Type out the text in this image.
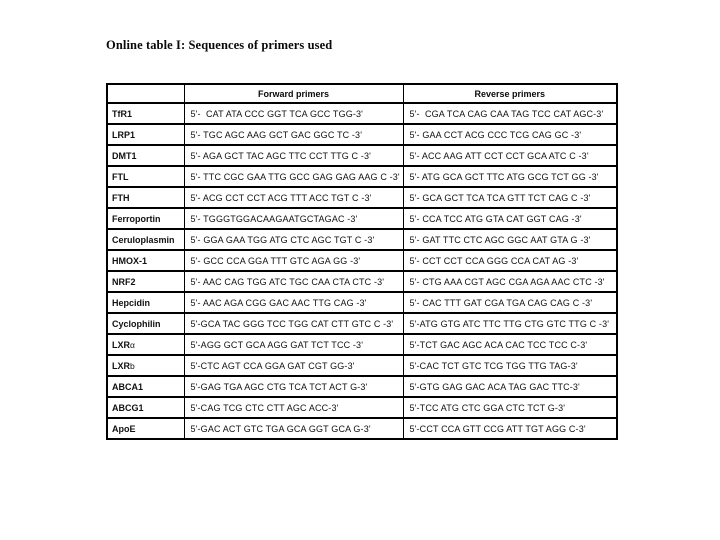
Online table I: Sequences of primers used
	Forward primers	Reverse primers
TfR1	5'-  CAT ATA CCC GGT TCA GCC TGG-3'	5'-  CGA TCA CAG CAA TAG TCC CAT AGC-3'
LRP1	5'- TGC AGC AAG GCT GAC GGC TC -3'	5'- GAA CCT ACG CCC TCG CAG GC -3'
DMT1	5'- AGA GCT TAC AGC TTC CCT TTG C -3'	5'- ACC AAG ATT CCT CCT GCA ATC C -3'
FTL	5'- TTC CGC GAA TTG GCC GAG GAG AAG C -3'	5'- ATG GCA GCT TTC ATG GCG TCT GG -3'
FTH	5'- ACG CCT CCT ACG TTT ACC TGT C -3'	5'- GCA GCT TCA TCA GTT TCT CAG C -3'
Ferroportin	5'- TGGGTGGACAAGAATGCTAGAC -3'	5'- CCA TCC ATG GTA CAT GGT CAG -3'
Ceruloplasmin	5'- GGA GAA TGG ATG CTC AGC TGT C -3'	5'- GAT TTC CTC AGC GGC AAT GTA G -3'
HMOX-1	5'- GCC CCA GGA TTT GTC AGA GG -3'	5'- CCT CCT CCA GGG CCA CAT AG -3'
NRF2	5'- AAC CAG TGG ATC TGC CAA CTA CTC -3'	5'- CTG AAA CGT AGC CGA AGA AAC CTC -3'
Hepcidin	5'- AAC AGA CGG GAC AAC TTG CAG -3'	5'- CAC TTT GAT CGA TGA CAG CAG C -3'
Cyclophilin	5'-GCA TAC GGG TCC TGG CAT CTT GTC C -3'	5'-ATG GTG ATC TTC TTG CTG GTC TTG C -3'
LXRα	5'-AGG GCT GCA AGG GAT TCT TCC -3'	5'-TCT GAC AGC ACA CAC TCC TCC C-3'
LXRb	5'-CTC AGT CCA GGA GAT CGT GG-3'	5'-CAC TCT GTC TCG TGG TTG TAG-3'
ABCA1	5'-GAG TGA AGC CTG TCA TCT ACT G-3'	5'-GTG GAG GAC ACA TAG GAC TTC-3'
ABCG1	5'-CAG TCG CTC CTT AGC ACC-3'	5'-TCC ATG CTC GGA CTC TCT G-3'
ApoE	5'-GAC ACT GTC TGA GCA GGT GCA G-3'	5'-CCT CCA GTT CCG ATT TGT AGG C-3'
